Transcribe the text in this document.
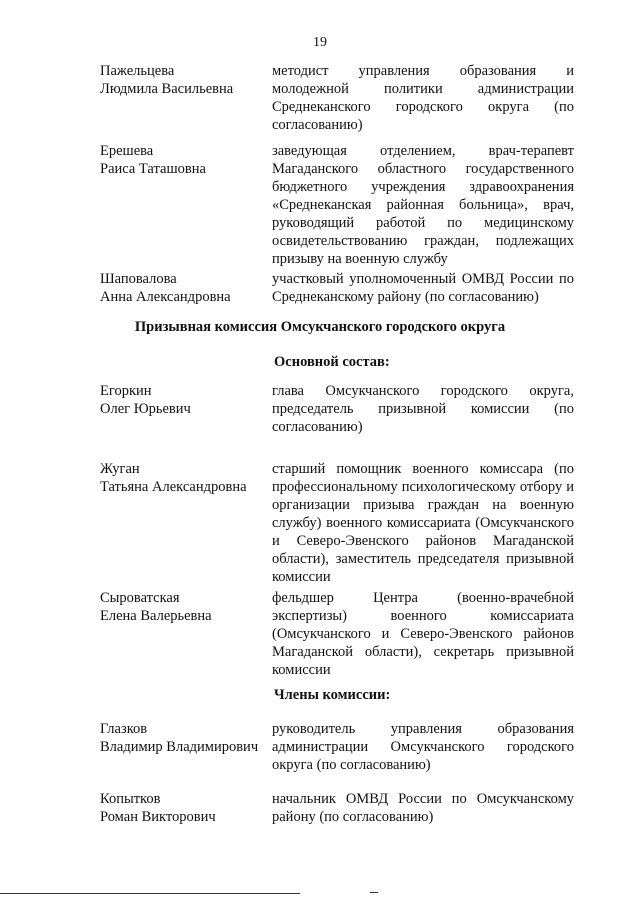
19
Пажельцева
Людмила Васильевна
методист управления образования и молодежной политики администрации Среднеканского городского округа (по согласованию)
Ерешева
Раиса Таташовна
заведующая отделением, врач-терапевт Магаданского областного государственного бюджетного учреждения здравоохранения «Среднеканская районная больница», врач, руководящий работой по медицинскому освидетельствованию граждан, подлежащих призыву на военную службу
Шаповалова
Анна Александровна
участковый уполномоченный ОМВД России по Среднеканскому району (по согласованию)
Призывная комиссия Омсукчанского городского округа
Основной состав:
Егоркин
Олег Юрьевич
глава Омсукчанского городского округа, председатель призывной комиссии (по согласованию)
Жуган
Татьяна Александровна
старший помощник военного комиссара (по профессиональному психологическому отбору и организации призыва граждан на военную службу) военного комиссариата (Омсукчанского и Северо-Эвенского районов Магаданской области), заместитель председателя призывной комиссии
Сыроватская
Елена Валерьевна
фельдшер Центра (военно-врачебной экспертизы) военного комиссариата (Омсукчанского и Северо-Эвенского районов Магаданской области), секретарь призывной комиссии
Члены комиссии:
Глазков
Владимир Владимирович
руководитель управления образования администрации Омсукчанского городского округа (по согласованию)
Копытков
Роман Викторович
начальник ОМВД России по Омсукчанскому району (по согласованию)
